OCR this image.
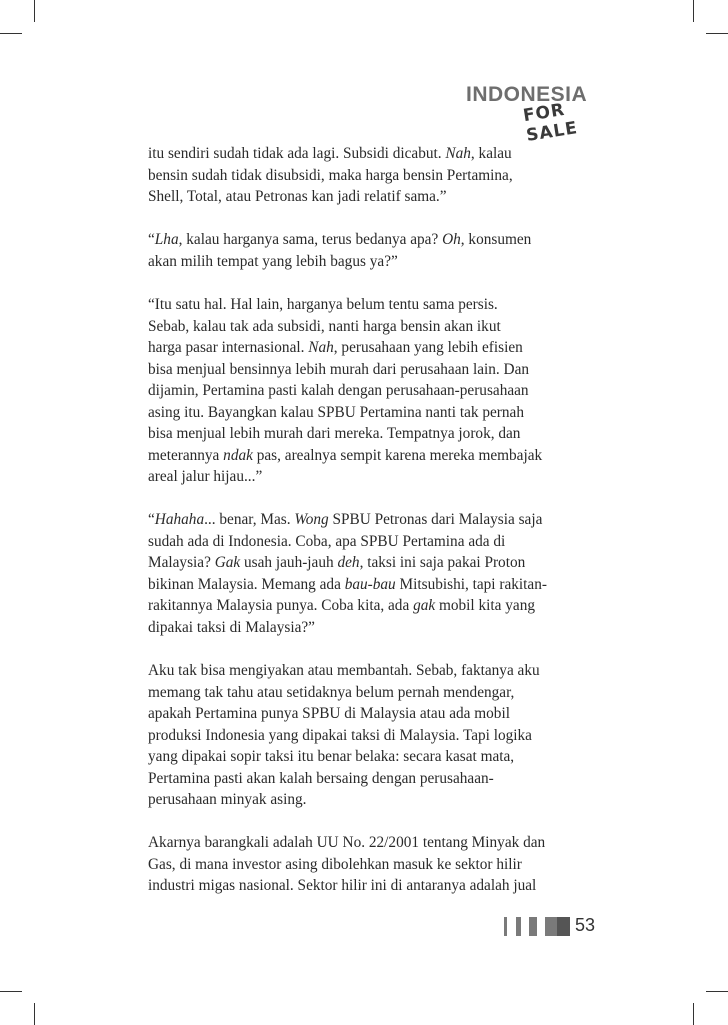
INDONESIA
FOR SALE
itu sendiri sudah tidak ada lagi. Subsidi dicabut. Nah, kalau
bensin sudah tidak disubsidi, maka harga bensin Pertamina,
Shell, Total, atau Petronas kan jadi relatif sama.”
“Lha, kalau harganya sama, terus bedanya apa? Oh, konsumen
akan milih tempat yang lebih bagus ya?”
“Itu satu hal. Hal lain, harganya belum tentu sama persis.
Sebab, kalau tak ada subsidi, nanti harga bensin akan ikut
harga pasar internasional. Nah, perusahaan yang lebih efisien
bisa menjual bensinnya lebih murah dari perusahaan lain. Dan
dijamin, Pertamina pasti kalah dengan perusahaan-perusahaan
asing itu. Bayangkan kalau SPBU Pertamina nanti tak pernah
bisa menjual lebih murah dari mereka. Tempatnya jorok, dan
meterannya ndak pas, arealnya sempit karena mereka membajak
areal jalur hijau...”
“Hahaha... benar, Mas. Wong SPBU Petronas dari Malaysia saja
sudah ada di Indonesia. Coba, apa SPBU Pertamina ada di
Malaysia? Gak usah jauh-jauh deh, taksi ini saja pakai Proton
bikinan Malaysia. Memang ada bau-bau Mitsubishi, tapi rakitan-
rakitannya Malaysia punya. Coba kita, ada gak mobil kita yang
dipakai taksi di Malaysia?”
Aku tak bisa mengiyakan atau membantah. Sebab, faktanya aku
memang tak tahu atau setidaknya belum pernah mendengar,
apakah Pertamina punya SPBU di Malaysia atau ada mobil
produksi Indonesia yang dipakai taksi di Malaysia. Tapi logika
yang dipakai sopir taksi itu benar belaka: secara kasat mata,
Pertamina pasti akan kalah bersaing dengan perusahaan-
perusahaan minyak asing.
Akarnya barangkali adalah UU No. 22/2001 tentang Minyak dan
Gas, di mana investor asing dibolehkan masuk ke sektor hilir
industri migas nasional. Sektor hilir ini di antaranya adalah jual
53
